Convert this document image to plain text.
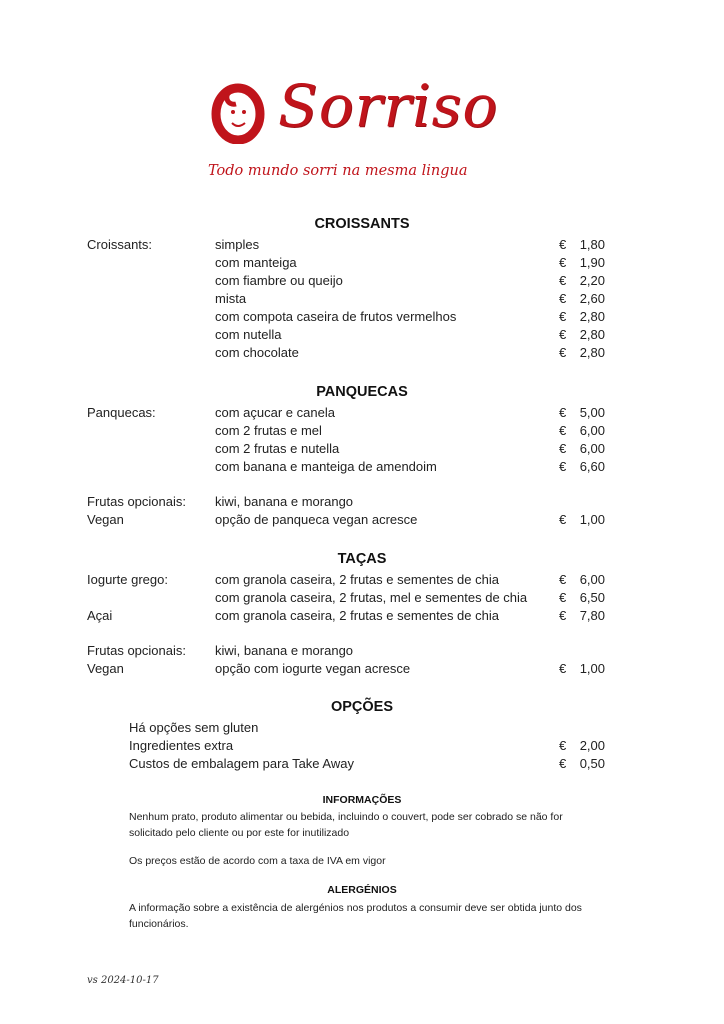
Sorriso
Todo mundo sorri na mesma lingua
CROISSANTS
Croissants:	simples	€ 1,80
com manteiga	€ 1,90
com fiambre ou queijo	€ 2,20
mista	€ 2,60
com compota caseira de frutos vermelhos	€ 2,80
com nutella	€ 2,80
com chocolate	€ 2,80
PANQUECAS
Panquecas:	com açucar e canela	€ 5,00
com 2 frutas e mel	€ 6,00
com 2 frutas e nutella	€ 6,00
com banana e manteiga de amendoim	€ 6,60
Frutas opcionais: kiwi, banana e morango
Vegan	opção de panqueca vegan acresce	€ 1,00
TAÇAS
Iogurte grego:	com granola caseira, 2 frutas e sementes de chia	€ 6,00
com granola caseira, 2 frutas, mel e sementes de chia € 6,50
Açai	com granola caseira, 2 frutas e sementes de chia	€ 7,80
Frutas opcionais: kiwi, banana e morango
Vegan	opção com iogurte vegan acresce	€ 1,00
OPÇÕES
Há opções sem gluten
Ingredientes extra	€ 2,00
Custos de embalagem para Take Away	€ 0,50
INFORMAÇÕES
Nenhum prato, produto alimentar ou bebida, incluindo o couvert, pode ser cobrado se não for solicitado pelo cliente ou por este for inutilizado
Os preços estão de acordo com a taxa de IVA em vigor
ALERGÉNIOS
A informação sobre a existência de alergénios nos produtos a consumir deve ser obtida junto dos funcionários.
vs 2024-10-17
